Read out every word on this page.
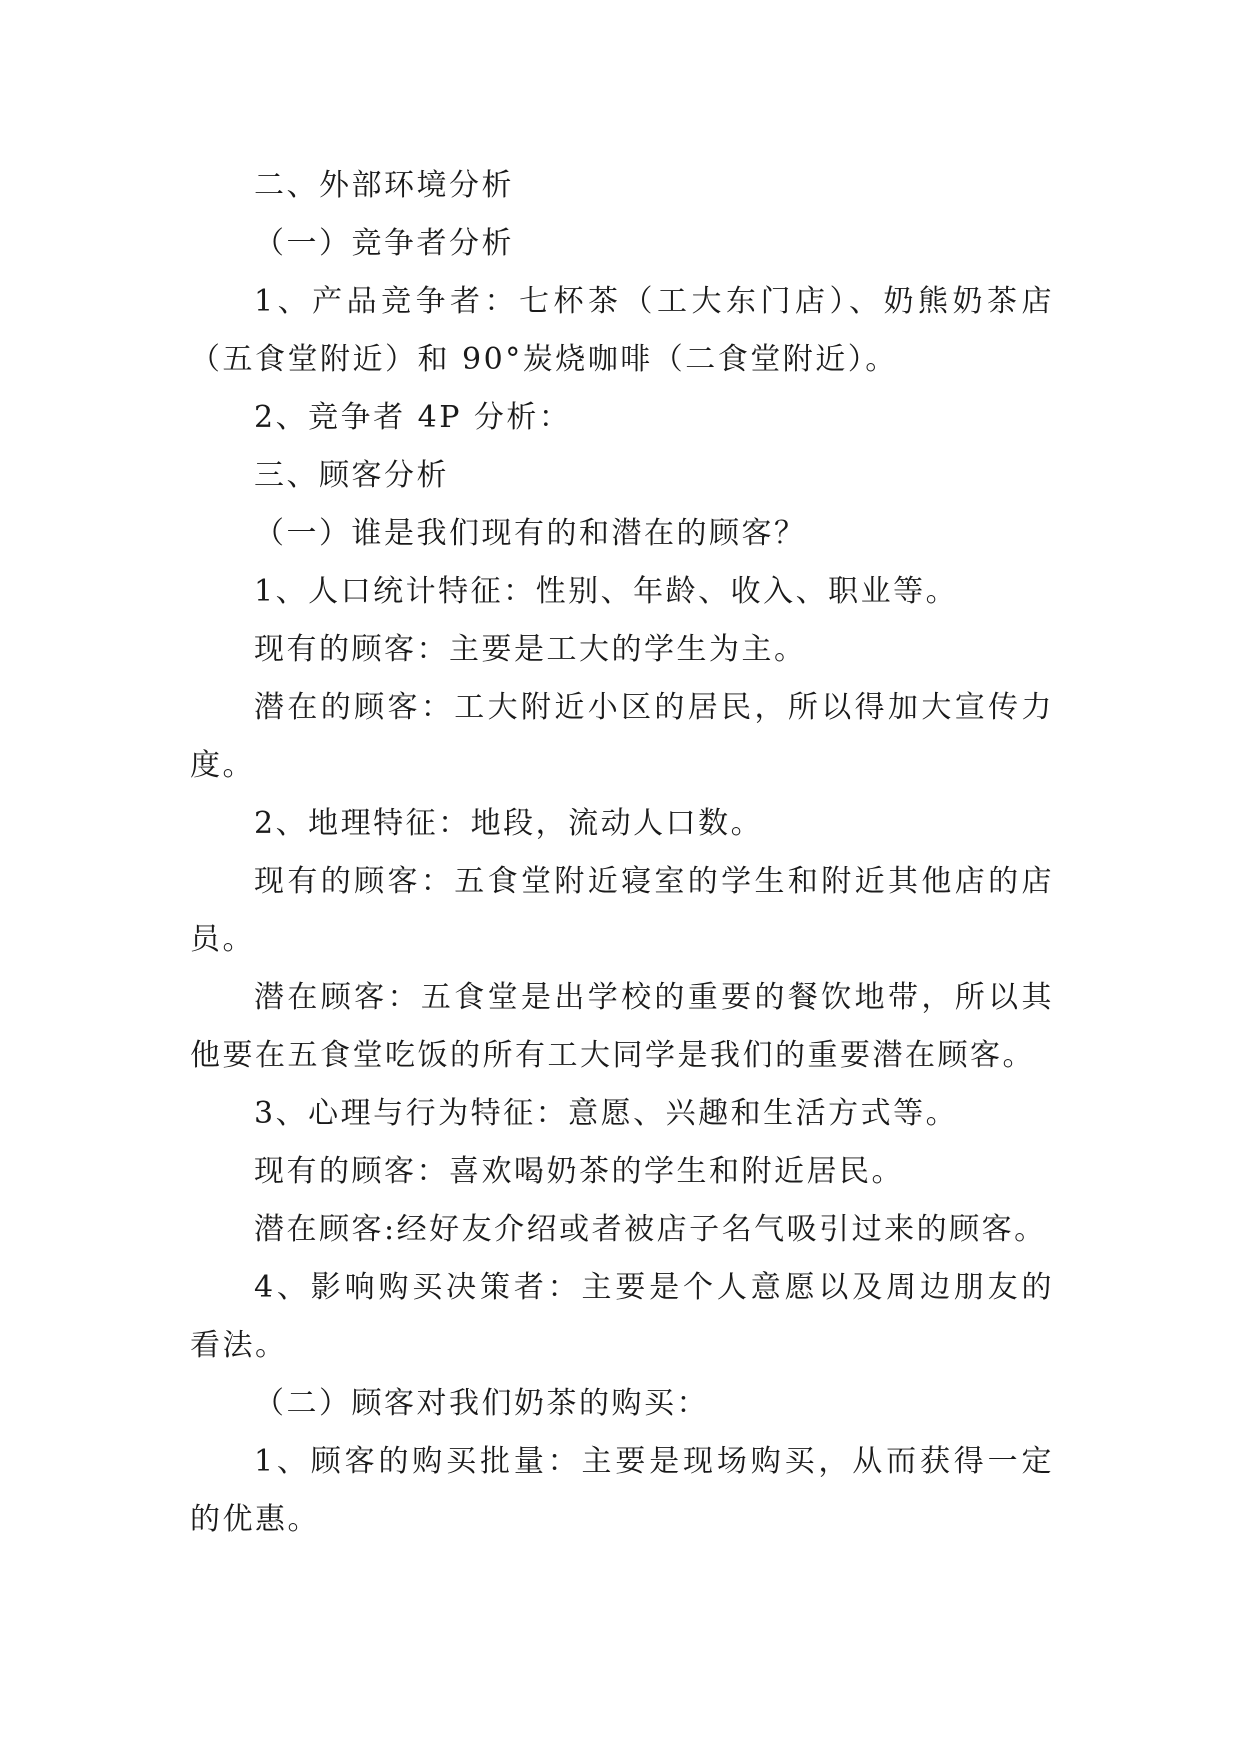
二、外部环境分析

（一）竞争者分析

1、产品竞争者：七杯茶（工大东门店）、奶熊奶茶店（五食堂附近）和 90°炭烧咖啡（二食堂附近）。

2、竞争者 4P 分析：

三、顾客分析

（一）谁是我们现有的和潜在的顾客？

1、人口统计特征：性别、年龄、收入、职业等。

现有的顾客：主要是工大的学生为主。

潜在的顾客：工大附近小区的居民，所以得加大宣传力度。

2、地理特征：地段，流动人口数。

现有的顾客：五食堂附近寝室的学生和附近其他店的店员。

潜在顾客：五食堂是出学校的重要的餐饮地带，所以其他要在五食堂吃饭的所有工大同学是我们的重要潜在顾客。

3、心理与行为特征：意愿、兴趣和生活方式等。

现有的顾客：喜欢喝奶茶的学生和附近居民。

潜在顾客:经好友介绍或者被店子名气吸引过来的顾客。

4、影响购买决策者：主要是个人意愿以及周边朋友的看法。

（二）顾客对我们奶茶的购买：

1、顾客的购买批量：主要是现场购买，从而获得一定的优惠。
